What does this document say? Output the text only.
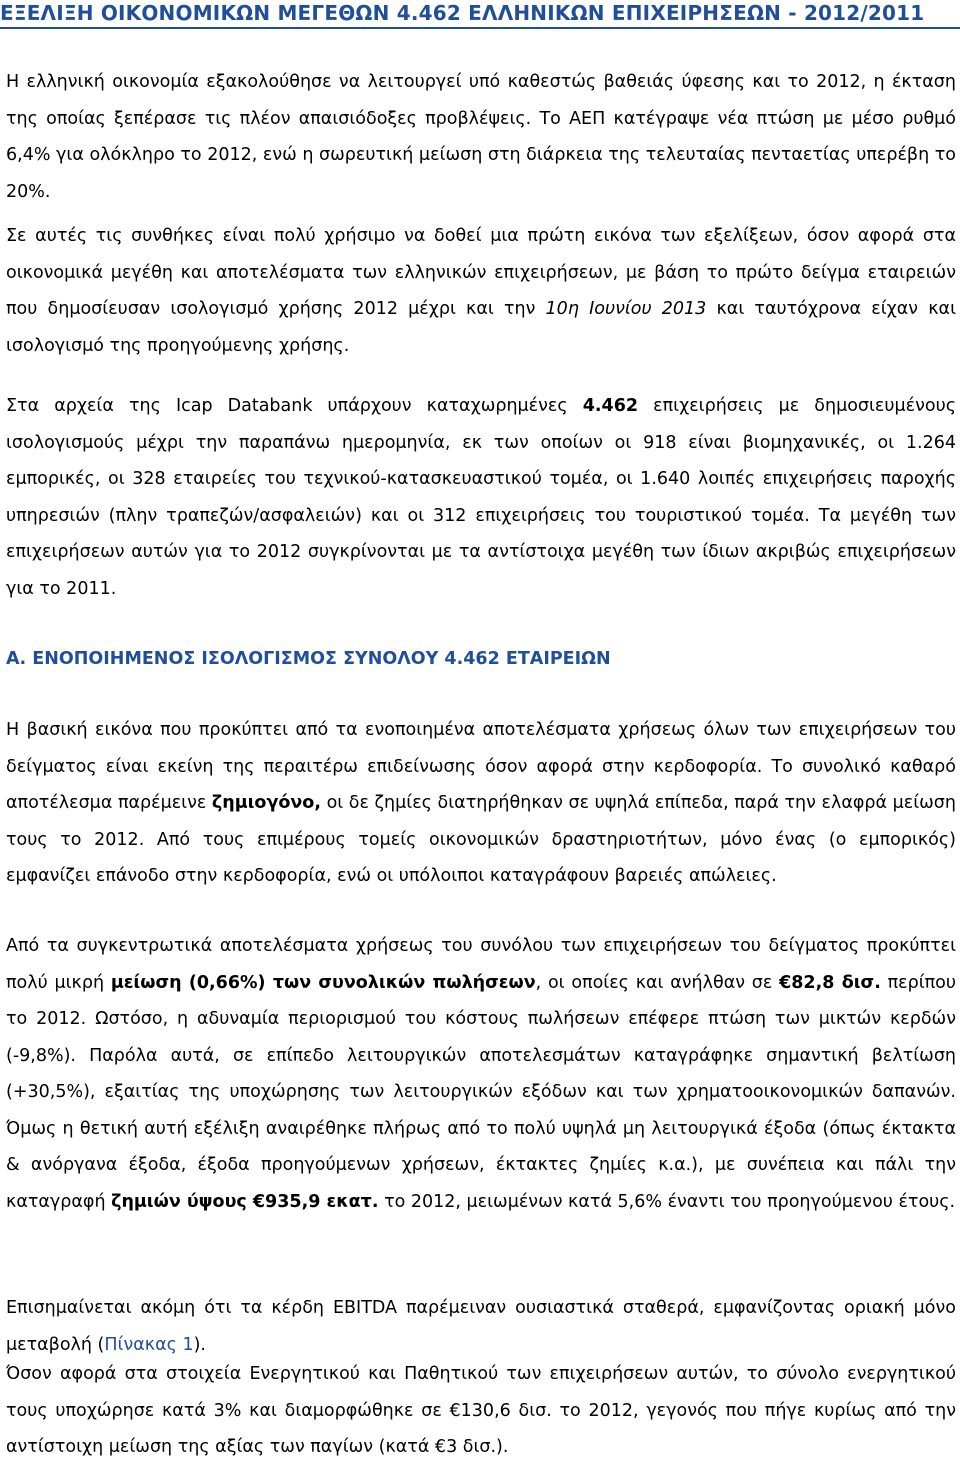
ΕΞΕΛΙΞΗ ΟΙΚΟΝΟΜΙΚΩΝ ΜΕΓΕΘΩΝ 4.462 ΕΛΛΗΝΙΚΩΝ ΕΠΙΧΕΙΡΗΣΕΩΝ - 2012/2011
Η ελληνική οικονομία εξακολούθησε να λειτουργεί υπό καθεστώς βαθειάς ύφεσης και το 2012, η έκταση της οποίας ξεπέρασε τις πλέον απαισιόδοξες προβλέψεις. Το ΑΕΠ κατέγραψε νέα πτώση με μέσο ρυθμό 6,4% για ολόκληρο το 2012, ενώ η σωρευτική μείωση στη διάρκεια της τελευταίας πενταετίας υπερέβη το 20%.
Σε αυτές τις συνθήκες είναι πολύ χρήσιμο να δοθεί μια πρώτη εικόνα των εξελίξεων, όσον αφορά στα οικονομικά μεγέθη και αποτελέσματα των ελληνικών επιχειρήσεων, με βάση το πρώτο δείγμα εταιρειών που δημοσίευσαν ισολογισμό χρήσης 2012 μέχρι και την 10η Ιουνίου 2013 και ταυτόχρονα είχαν και ισολογισμό της προηγούμενης χρήσης.
Στα αρχεία της Icap Databank υπάρχουν καταχωρημένες 4.462 επιχειρήσεις με δημοσιευμένους ισολογισμούς μέχρι την παραπάνω ημερομηνία, εκ των οποίων οι 918 είναι βιομηχανικές, οι 1.264 εμπορικές, οι 328 εταιρείες του τεχνικού-κατασκευαστικού τομέα, οι 1.640 λοιπές επιχειρήσεις παροχής υπηρεσιών (πλην τραπεζών/ασφαλειών) και οι 312 επιχειρήσεις του τουριστικού τομέα. Τα μεγέθη των επιχειρήσεων αυτών για το 2012 συγκρίνονται με τα αντίστοιχα μεγέθη των ίδιων ακριβώς επιχειρήσεων για το 2011.
Α. ΕΝΟΠΟΙΗΜΕΝΟΣ ΙΣΟΛΟΓΙΣΜΟΣ ΣΥΝΟΛΟΥ 4.462 ΕΤΑΙΡΕΙΩΝ
Η βασική εικόνα που προκύπτει από τα ενοποιημένα αποτελέσματα χρήσεως όλων των επιχειρήσεων του δείγματος είναι εκείνη της περαιτέρω επιδείνωσης όσον αφορά στην κερδοφορία. Το συνολικό καθαρό αποτέλεσμα παρέμεινε ζημιογόνο, οι δε ζημίες διατηρήθηκαν σε υψηλά επίπεδα, παρά την ελαφρά μείωση τους το 2012. Από τους επιμέρους τομείς οικονομικών δραστηριοτήτων, μόνο ένας (ο εμπορικός) εμφανίζει επάνοδο στην κερδοφορία, ενώ οι υπόλοιποι καταγράφουν βαρειές απώλειες.
Από τα συγκεντρωτικά αποτελέσματα χρήσεως του συνόλου των επιχειρήσεων του δείγματος προκύπτει πολύ μικρή μείωση (0,66%) των συνολικών πωλήσεων, οι οποίες και ανήλθαν σε €82,8 δισ. περίπου το 2012. Ωστόσο, η αδυναμία περιορισμού του κόστους πωλήσεων επέφερε πτώση των μικτών κερδών (-9,8%). Παρόλα αυτά, σε επίπεδο λειτουργικών αποτελεσμάτων καταγράφηκε σημαντική βελτίωση (+30,5%), εξαιτίας της υποχώρησης των λειτουργικών εξόδων και των χρηματοοικονομικών δαπανών. Όμως η θετική αυτή εξέλιξη αναιρέθηκε πλήρως από το πολύ υψηλά μη λειτουργικά έξοδα (όπως έκτακτα & ανόργανα έξοδα, έξοδα προηγούμενων χρήσεων, έκτακτες ζημίες κ.α.), με συνέπεια και πάλι την καταγραφή ζημιών ύψους €935,9 εκατ. το 2012, μειωμένων κατά 5,6% έναντι του προηγούμενου έτους.
Επισημαίνεται ακόμη ότι τα κέρδη EBITDA παρέμειναν ουσιαστικά σταθερά, εμφανίζοντας οριακή μόνο μεταβολή (Πίνακας 1).
Όσον αφορά στα στοιχεία Ενεργητικού και Παθητικού των επιχειρήσεων αυτών, το σύνολο ενεργητικού τους υποχώρησε κατά 3% και διαμορφώθηκε σε €130,6 δισ. το 2012, γεγονός που πήγε κυρίως από την αντίστοιχη μείωση της αξίας των παγίων (κατά €3 δισ.).
